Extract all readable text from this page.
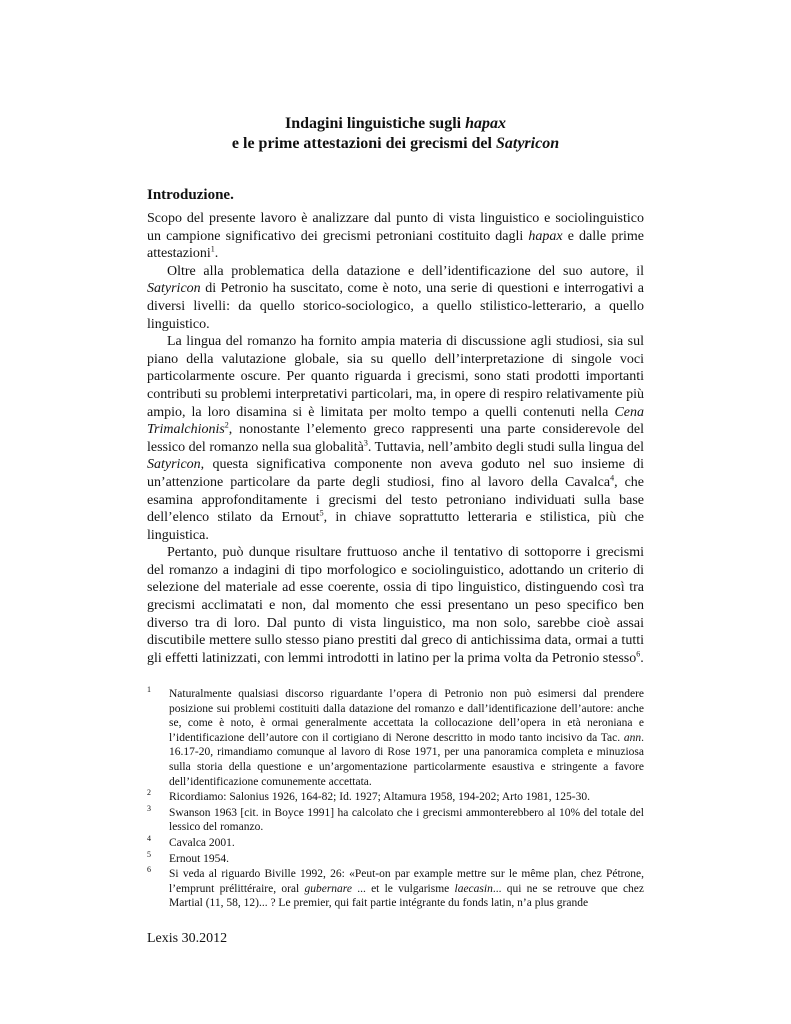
Indagini linguistiche sugli hapax
e le prime attestazioni dei grecismi del Satyricon
Introduzione.

Scopo del presente lavoro è analizzare dal punto di vista linguistico e sociolinguistico un campione significativo dei grecismi petroniani costituito dagli hapax e dalle prime attestazioni$^1$.

Oltre alla problematica della datazione e dell’identificazione del suo autore, il Satyricon di Petronio ha suscitato, come è noto, una serie di questioni e interrogativi a diversi livelli: da quello storico-sociologico, a quello stilistico-letterario, a quello linguistico.

La lingua del romanzo ha fornito ampia materia di discussione agli studiosi, sia sul piano della valutazione globale, sia su quello dell’interpretazione di singole voci particolarmente oscure. Per quanto riguarda i grecismi, sono stati prodotti importanti contributi su problemi interpretativi particolari, ma, in opere di respiro relativamente più ampio, la loro disamina si è limitata per molto tempo a quelli contenuti nella Cena Trimalchionis$^2$, nonostante l’elemento greco rappresenti una parte considerevole del lessico del romanzo nella sua globalità$^3$. Tuttavia, nell’ambito degli studi sulla lingua del Satyricon, questa significativa componente non aveva goduto nel suo insieme di un’attenzione particolare da parte degli studiosi, fino al lavoro della Cavalca$^4$, che esamina approfonditamente i grecismi del testo petroniano individuati sulla base dell’elenco stilato da Ernout$^5$, in chiave soprattutto letteraria e stilistica, più che linguistica.

Pertanto, può dunque risultare fruttuoso anche il tentativo di sottoporre i grecismi del romanzo a indagini di tipo morfologico e sociolinguistico, adottando un criterio di selezione del materiale ad esse coerente, ossia di tipo linguistico, distinguendo così tra grecismi acclimatati e non, dal momento che essi presentano un peso specifico ben diverso tra di loro. Dal punto di vista linguistico, ma non solo, sarebbe cioè assai discutibile mettere sullo stesso piano prestiti dal greco di antichissima data, ormai a tutti gli effetti latinizzati, con lemmi introdotti in latino per la prima volta da Petronio stesso$^6$.

1 Naturalmente qualsiasi discorso riguardante l’opera di Petronio non può esimersi dal prendere posizione sui problemi costituiti dalla datazione del romanzo e dall’identificazione dell’autore: anche se, come è noto, è ormai generalmente accettata la collocazione dell’opera in età neroniana e l’identificazione dell’autore con il cortigiano di Nerone descritto in modo tanto incisivo da Tac. ann. 16.17-20, rimandiamo comunque al lavoro di Rose 1971, per una panoramica completa e minuziosa sulla storia della questione e un’argomentazione particolarmente esaustiva e stringente a favore dell’identificazione comunemente accettata.
2 Ricordiamo: Salonius 1926, 164-82; Id. 1927; Altamura 1958, 194-202; Arto 1981, 125-30.
3 Swanson 1963 [cit. in Boyce 1991] ha calcolato che i grecismi ammonterebbero al 10% del totale del lessico del romanzo.
4 Cavalca 2001.
5 Ernout 1954.
6 Si veda al riguardo Biville 1992, 26: «Peut-on par example mettre sur le même plan, chez Pétrone, l’emprunt prélittéraire, oral gubernare ... et le vulgarisme laecasin... qui ne se retrouve que chez Martial (11, 58, 12)... ? Le premier, qui fait partie intégrante du fonds latin, n’a plus grande
Lexis 30.2012
